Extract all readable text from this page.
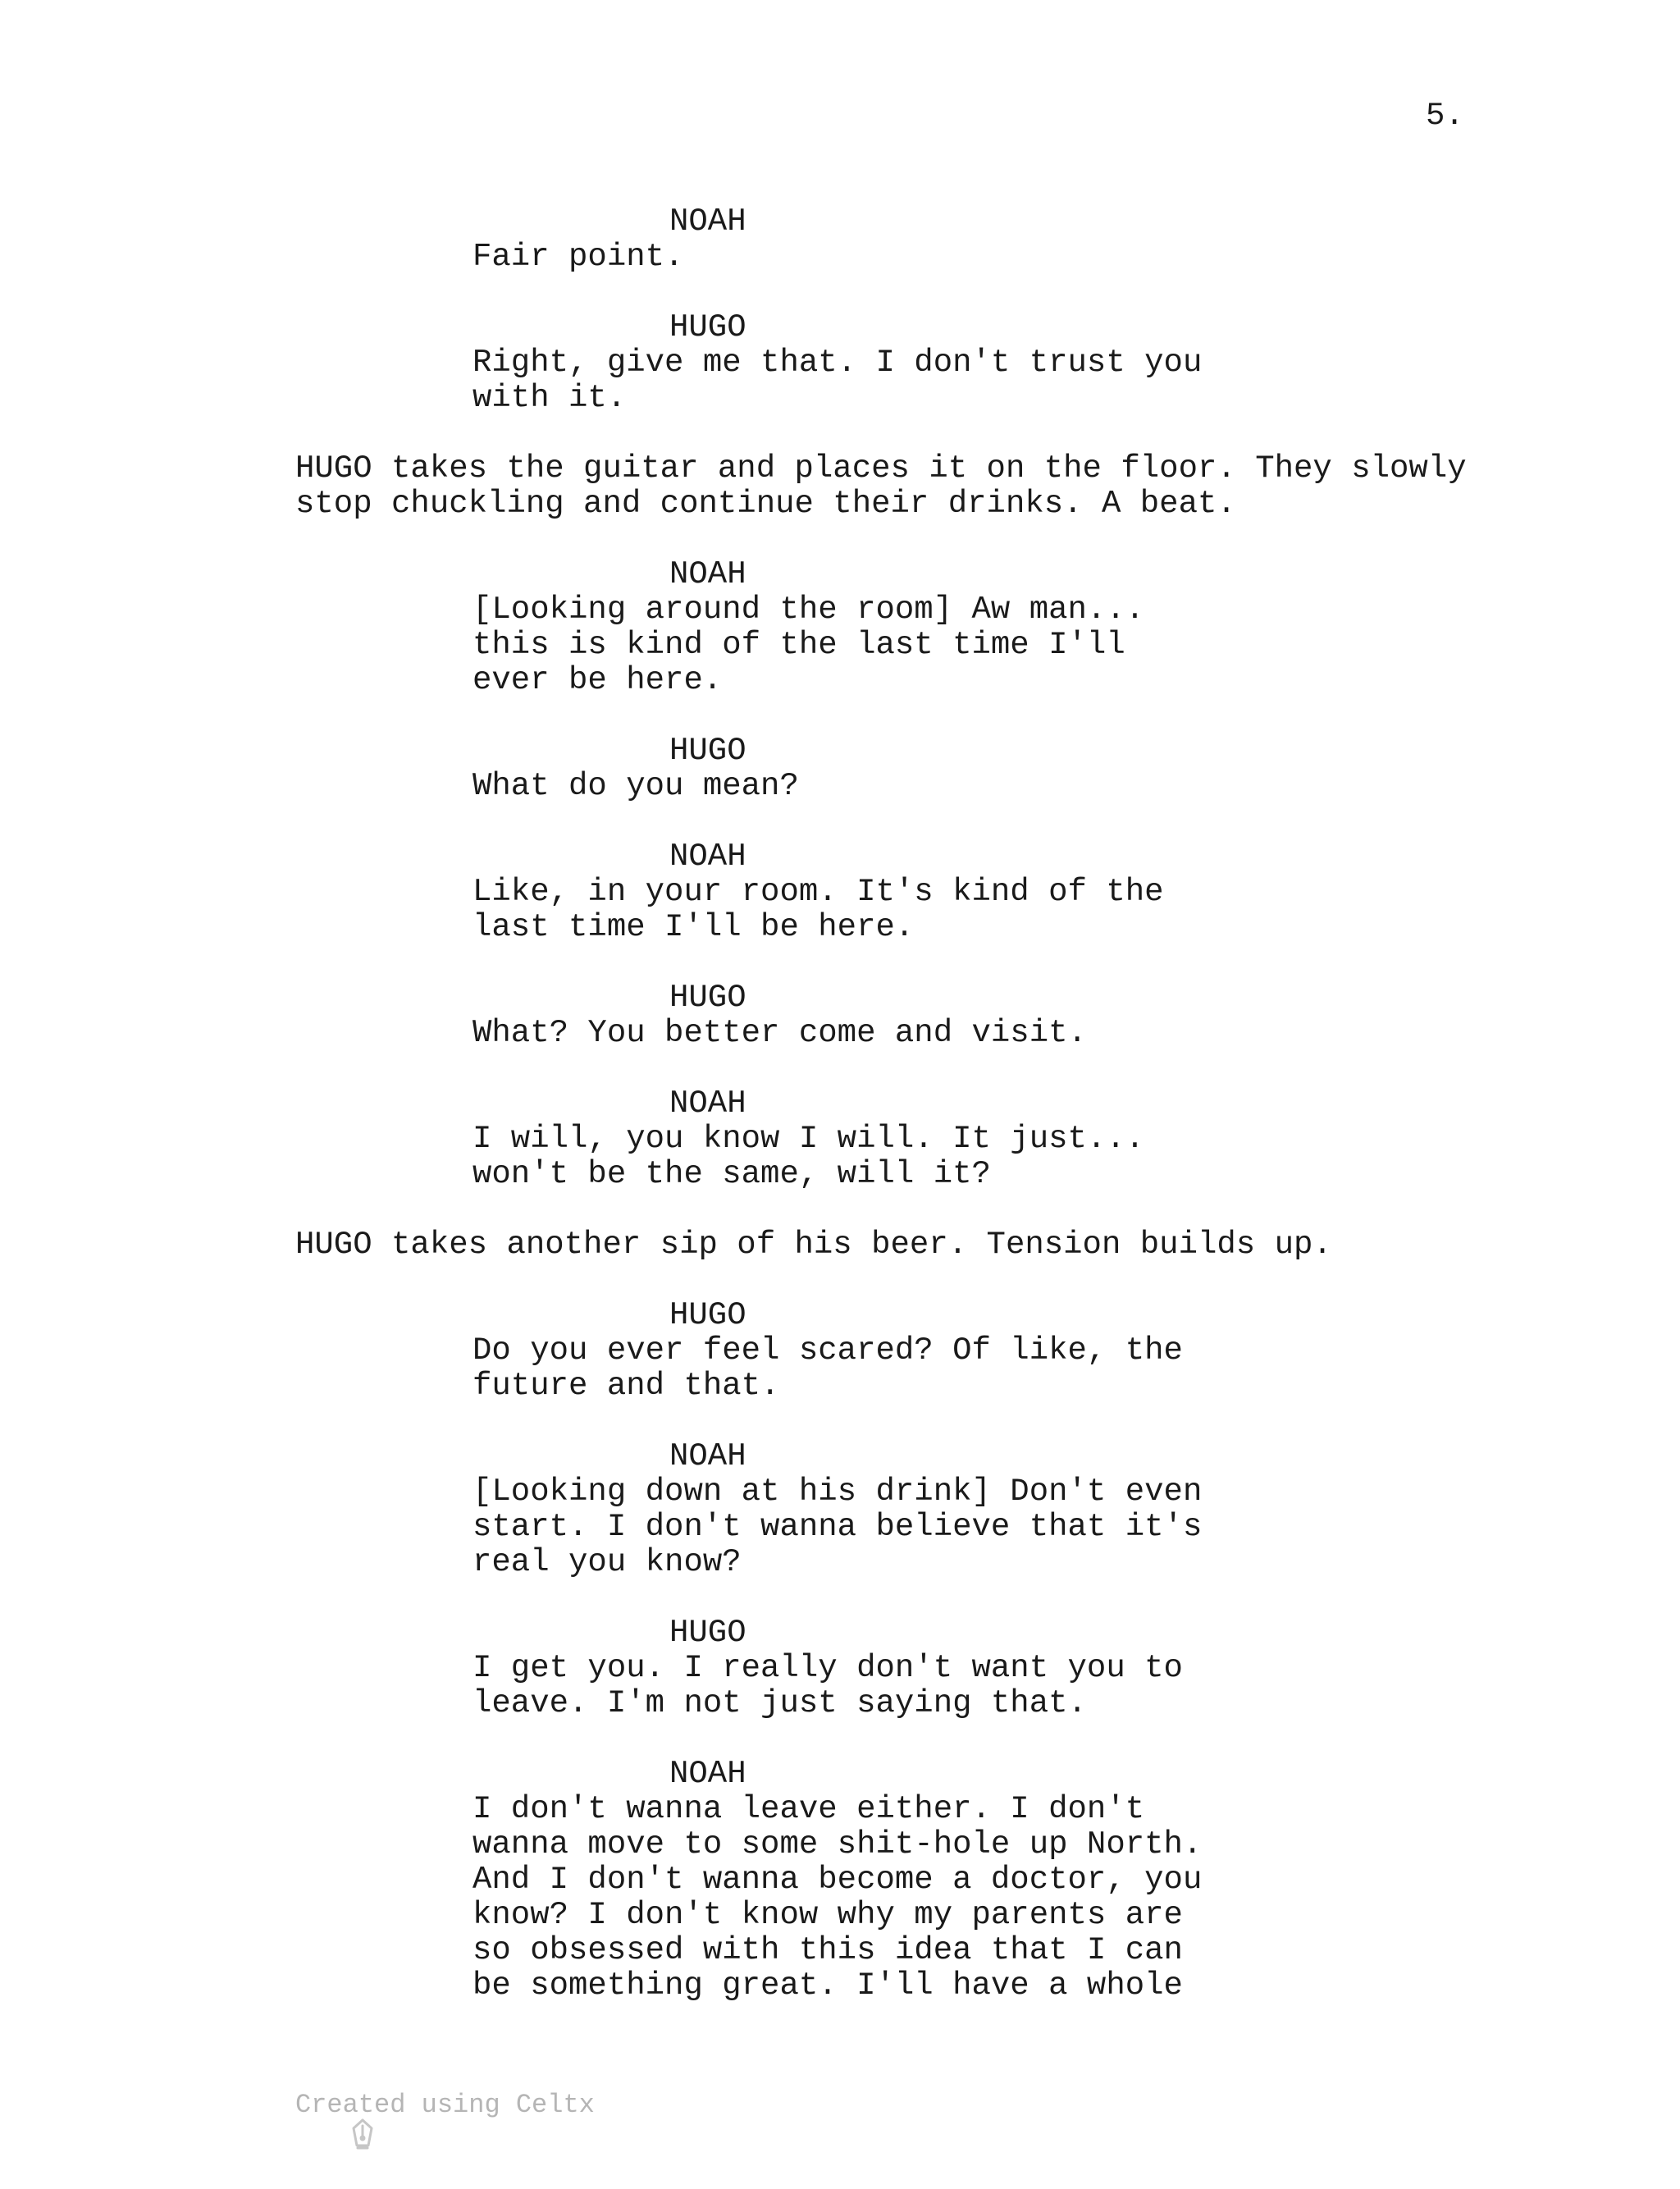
5.
NOAH
Fair point.
HUGO
Right, give me that. I don't trust you
with it.
HUGO takes the guitar and places it on the floor. They slowly
stop chuckling and continue their drinks. A beat.
NOAH
[Looking around the room] Aw man...
this is kind of the last time I'll
ever be here.
HUGO
What do you mean?
NOAH
Like, in your room. It's kind of the
last time I'll be here.
HUGO
What? You better come and visit.
NOAH
I will, you know I will. It just...
won't be the same, will it?
HUGO takes another sip of his beer. Tension builds up.
HUGO
Do you ever feel scared? Of like, the
future and that.
NOAH
[Looking down at his drink] Don't even
start. I don't wanna believe that it's
real you know?
HUGO
I get you. I really don't want you to
leave. I'm not just saying that.
NOAH
I don't wanna leave either. I don't
wanna move to some shit-hole up North.
And I don't wanna become a doctor, you
know? I don't know why my parents are
so obsessed with this idea that I can
be something great. I'll have a whole

Created using Celtx
